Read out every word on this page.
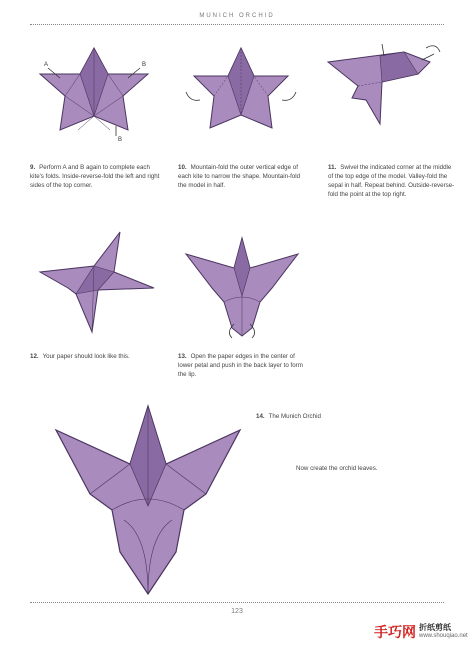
MUNICH ORCHID
A	B
B
9. Perform A and B again to complete each kite's folds. Inside-reverse-fold the left and right sides of the top corner.
10. Mountain-fold the outer vertical edge of each kite to narrow the shape. Mountain-fold the model in half.
11. Swivel the indicated corner at the middle of the top edge of the model. Valley-fold the sepal in half. Repeat behind. Outside-reverse-fold the point at the top right.
12. Your paper should look like this.	13. Open the paper edges in the center of lower petal and push in the back layer to form the lip.
14. The Munich Orchid
Now create the orchid leaves.
123
手巧网 折纸剪纸
www.shouqiao.net
